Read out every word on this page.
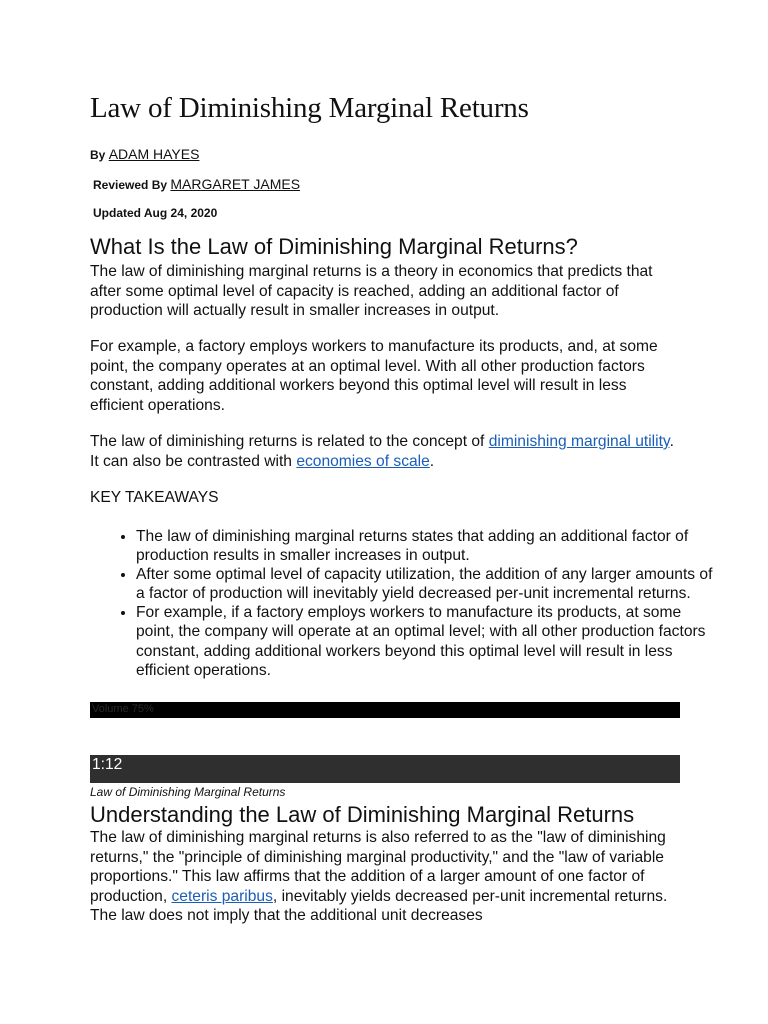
Law of Diminishing Marginal Returns
By ADAM HAYES
Reviewed By MARGARET JAMES
Updated Aug 24, 2020
What Is the Law of Diminishing Marginal Returns?

The law of diminishing marginal returns is a theory in economics that predicts that after some optimal level of capacity is reached, adding an additional factor of production will actually result in smaller increases in output.

For example, a factory employs workers to manufacture its products, and, at some point, the company operates at an optimal level. With all other production factors constant, adding additional workers beyond this optimal level will result in less efficient operations.

The law of diminishing returns is related to the concept of diminishing marginal utility. It can also be contrasted with economies of scale.

KEY TAKEAWAYS
• The law of diminishing marginal returns states that adding an additional factor of production results in smaller increases in output.
• After some optimal level of capacity utilization, the addition of any larger amounts of a factor of production will inevitably yield decreased per-unit incremental returns.
• For example, if a factory employs workers to manufacture its products, at some point, the company will operate at an optimal level; with all other production factors constant, adding additional workers beyond this optimal level will result in less efficient operations.
Law of Diminishing Marginal Returns
Understanding the Law of Diminishing Marginal Returns

The law of diminishing marginal returns is also referred to as the "law of diminishing returns," the "principle of diminishing marginal productivity," and the "law of variable proportions." This law affirms that the addition of a larger amount of one factor of production, ceteris paribus, inevitably yields decreased per-unit incremental returns. The law does not imply that the additional unit decreases

Volume 75%
1:12
